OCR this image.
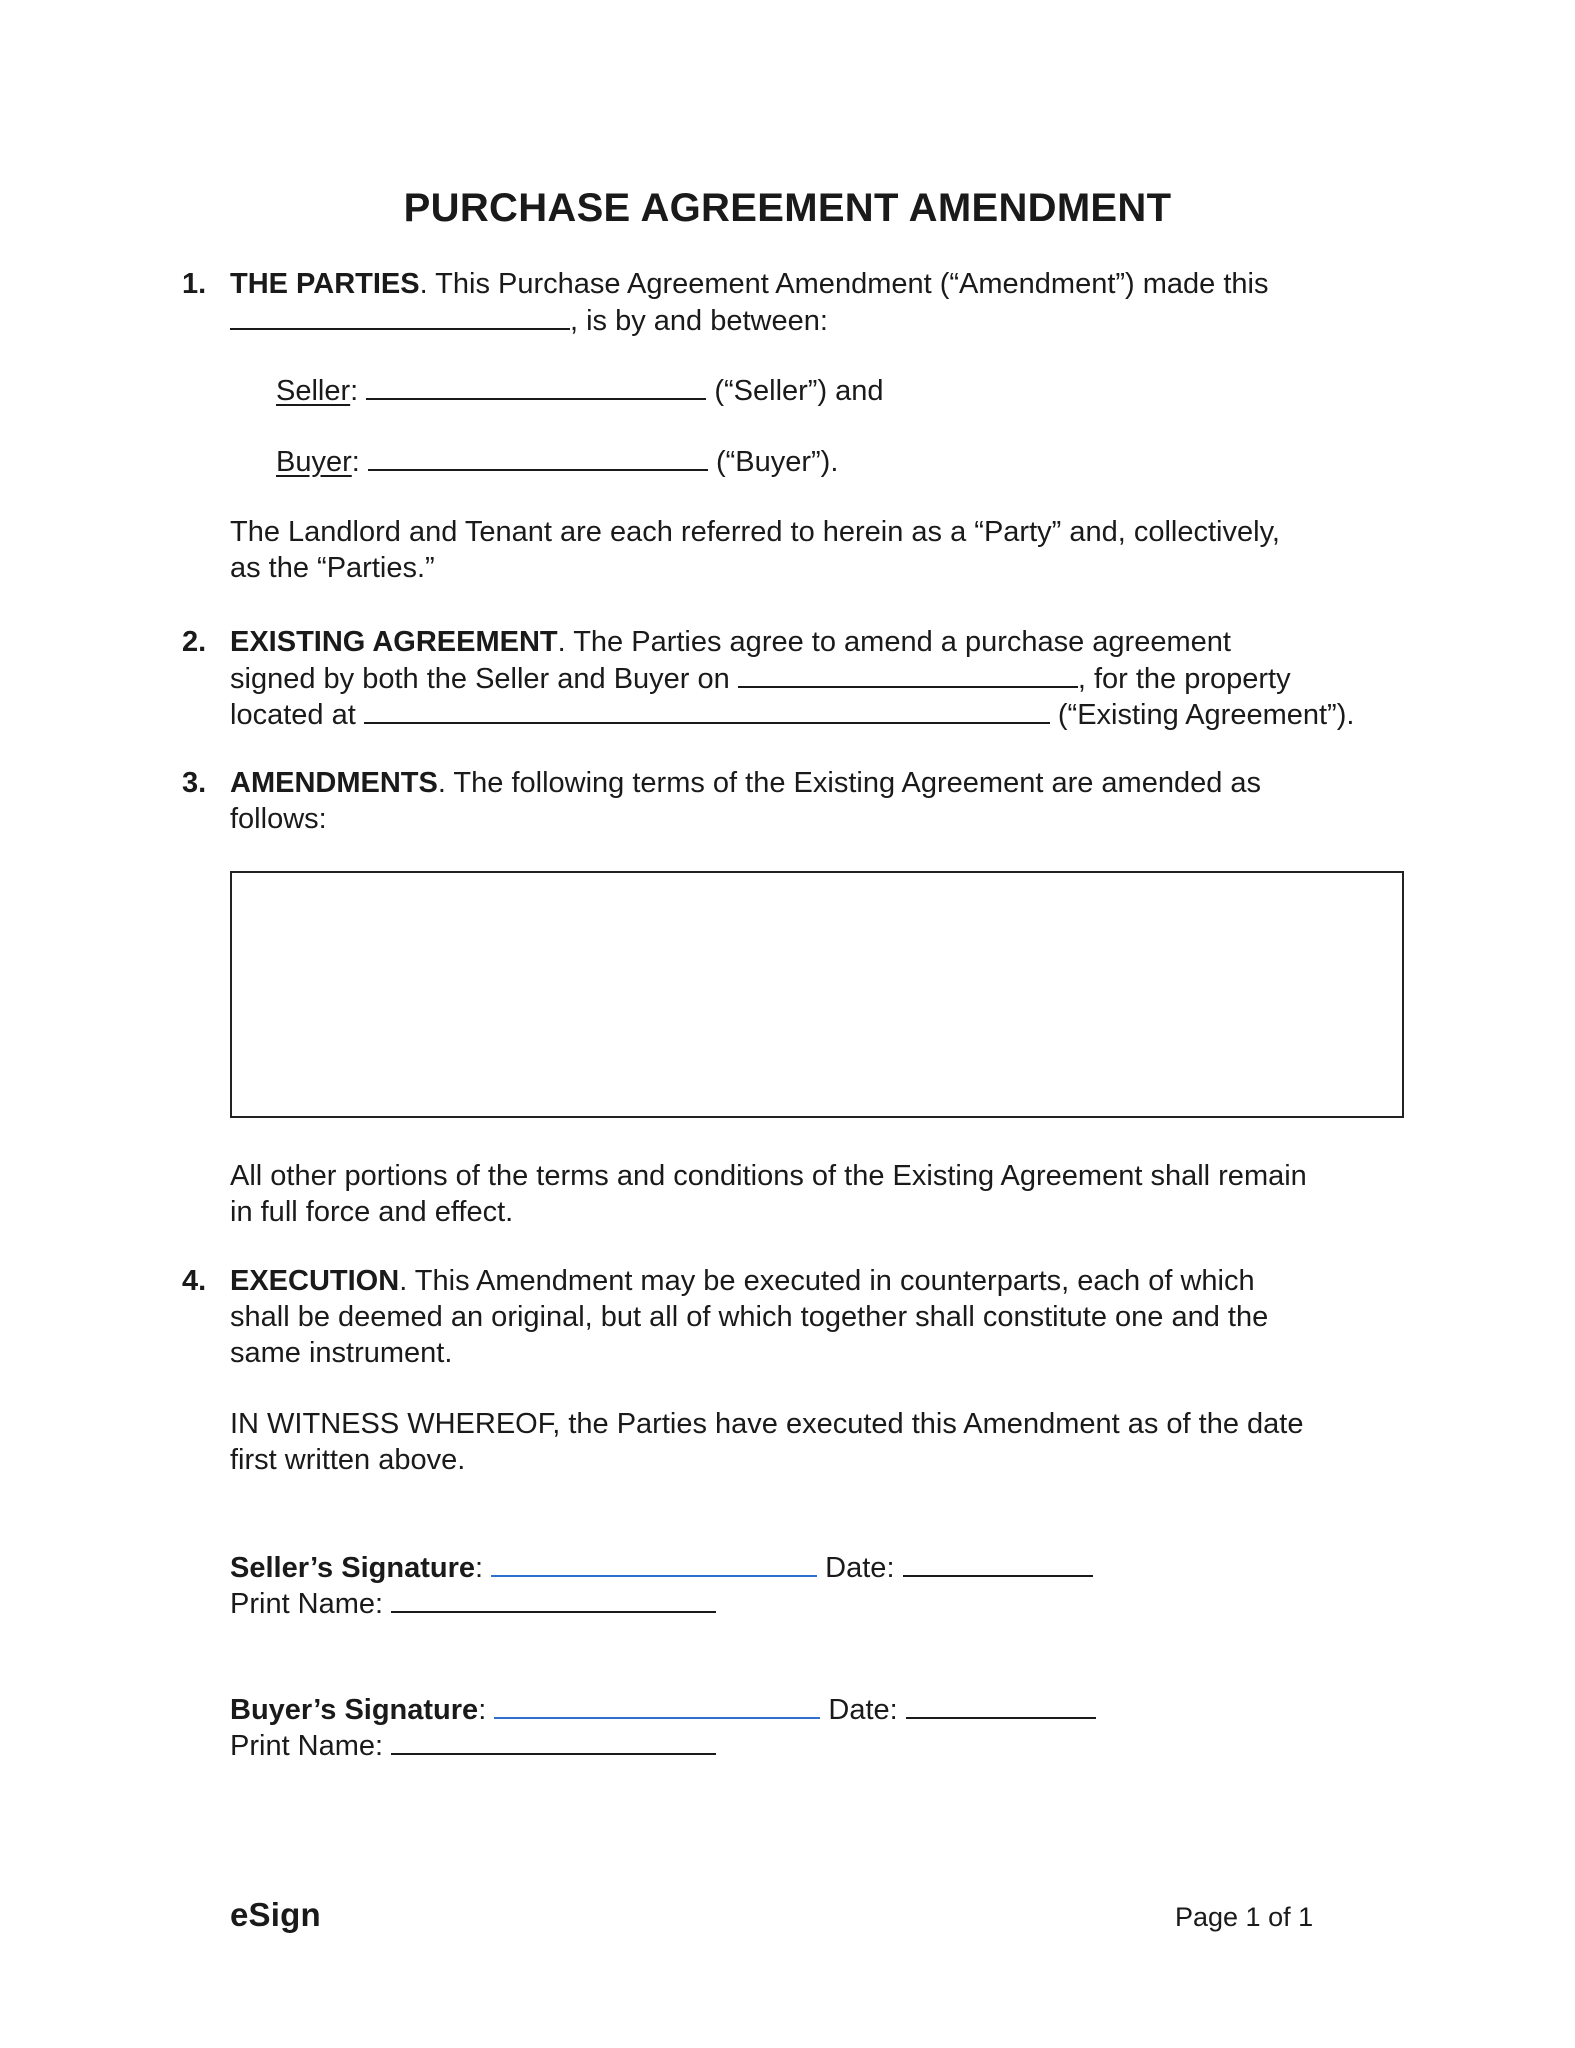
PURCHASE AGREEMENT AMENDMENT
1. THE PARTIES. This Purchase Agreement Amendment (“Amendment”) made this
, is by and between:
Seller:	(“Seller”) and
Buyer:	(“Buyer”).
The Landlord and Tenant are each referred to herein as a “Party” and, collectively,
as the “Parties.”
2. EXISTING AGREEMENT. The Parties agree to amend a purchase agreement
signed by both the Seller and Buyer on	, for the property
located at	(“Existing Agreement”).
3. AMENDMENTS. The following terms of the Existing Agreement are amended as
follows:
All other portions of the terms and conditions of the Existing Agreement shall remain
in full force and effect.
4. EXECUTION. This Amendment may be executed in counterparts, each of which
shall be deemed an original, but all of which together shall constitute one and the
same instrument.
IN WITNESS WHEREOF, the Parties have executed this Amendment as of the date
first written above.
Seller’s Signature:	Date:
Print Name:
Buyer’s Signature:	Date:
Print Name:
eSign	Page 1 of 1
